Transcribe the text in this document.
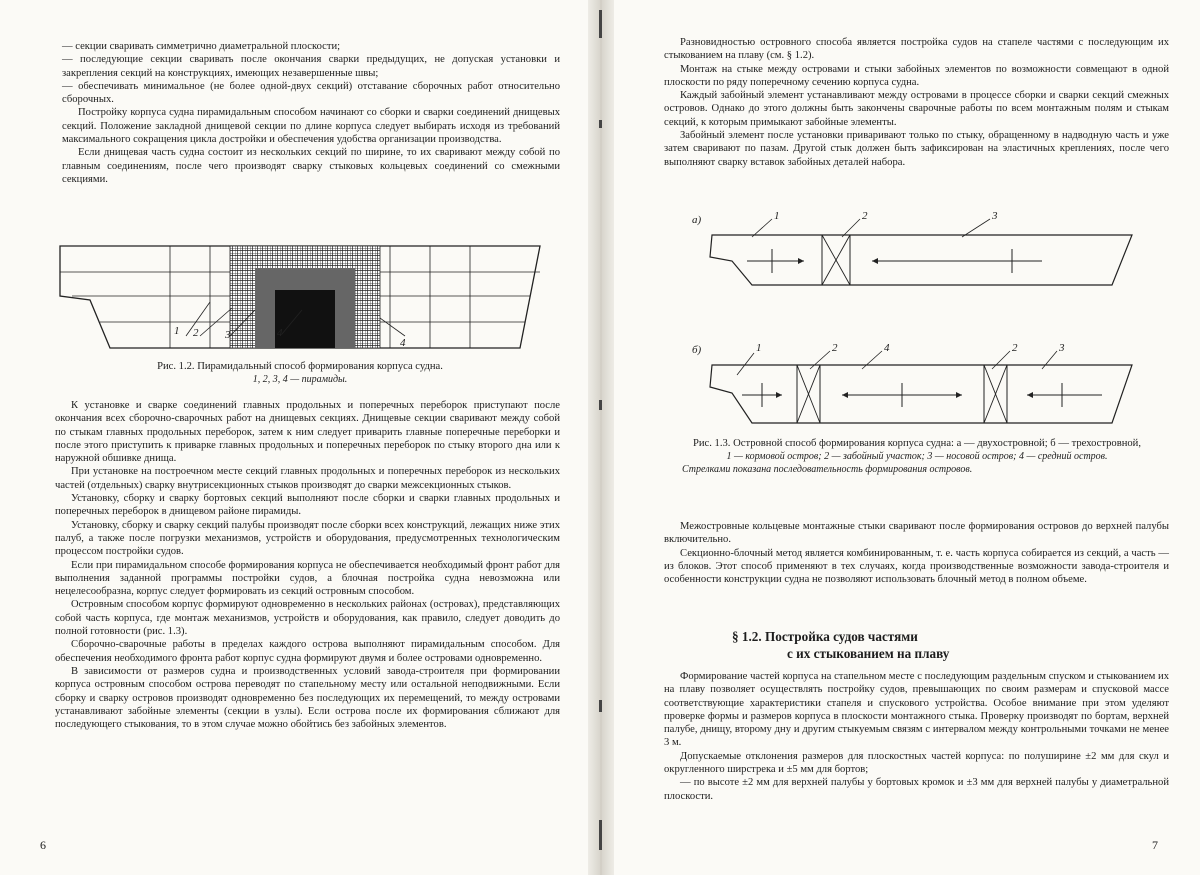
— секции сваривать симметрично диаметральной плоскости;

— последующие секции сваривать после окончания сварки предыдущих, не допуская установки и закрепления секций на конструкциях, имеющих незавершенные швы;

— обеспечивать минимальное (не более одной-двух секций) отставание сборочных работ относительно сборочных.

Постройку корпуса судна пирамидальным способом начинают со сборки и сварки соединений днищевых секций. Положение закладной днищевой секции по длине корпуса следует выбирать исходя из требований максимального сокращения цикла достройки и обеспечения удобства организации производства.

Если днищевая часть судна состоит из нескольких секций по ширине, то их сваривают между собой по главным соединениям, после чего производят сварку стыковых кольцевых соединений со смежными секциями.

1 2 3	4
4
Рис. 1.2. Пирамидальный способ формирования корпуса судна.
1, 2, 3, 4 — пирамиды.

К установке и сварке соединений главных продольных и поперечных переборок приступают после окончания всех сборочно-сварочных работ на днищевых секциях. Днищевые секции сваривают между собой по стыкам главных продольных переборок, затем к ним следует приварить главные поперечные переборки и после этого приступить к приварке главных продольных и поперечных переборок по стыку второго дна или к наружной обшивке днища.

При установке на построечном месте секций главных продольных и поперечных переборок из нескольких частей (отдельных) сварку внутрисекционных стыков производят до сварки межсекционных стыков.

Установку, сборку и сварку бортовых секций выполняют после сборки и сварки главных продольных и поперечных переборок в днищевом районе пирамиды.

Установку, сборку и сварку секций палубы производят после сборки всех конструкций, лежащих ниже этих палуб, а также после погрузки механизмов, устройств и оборудования, предусмотренных технологическим процессом постройки судов.

Если при пирамидальном способе формирования корпуса не обеспечивается необходимый фронт работ для выполнения заданной программы постройки судов, а блочная постройка судна невозможна или нецелесообразна, корпус следует формировать из секций островным способом.

Островным способом корпус формируют одновременно в нескольких районах (островах), представляющих собой часть корпуса, где монтаж механизмов, устройств и оборудования, как правило, следует доводить до полной готовности (рис. 1.3).

Сборочно-сварочные работы в пределах каждого острова выполняют пирамидальным способом. Для обеспечения необходимого фронта работ корпус судна формируют двумя и более островами одновременно.

В зависимости от размеров судна и производственных условий завода-строителя при формировании корпуса островным способом острова переводят по стапельному месту или остальной неподвижными. Если сборку и сварку островов производят одновременно без последующих их перемещений, то между островами устанавливают забойные элементы (секции в узлы). Если острова после их формирования сближают для последующего стыкования, то в этом случае можно обойтись без забойных элементов.

6

Разновидностью островного способа является постройка судов на стапеле частями с последующим их стыкованием на плаву (см. § 1.2).

Монтаж на стыке между островами и стыки забойных элементов по возможности совмещают в одной плоскости по ряду поперечному сечению корпуса судна.

Каждый забойный элемент устанавливают между островами в процессе сборки и сварки секций смежных островов. Однако до этого должны быть закончены сварочные работы по всем монтажным полям и стыкам секций, к которым примыкают забойные элементы.

Забойный элемент после установки приваривают только по стыку, обращенному в надводную часть и уже затем сваривают по пазам. Другой стык должен быть зафиксирован на эластичных креплениях, после чего выполняют сварку вставок забойных деталей набора.

а)	1	2	3
б)	1	2	4	2	3
Рис. 1.3. Островной способ формирования корпуса судна: а — двухостровной; б — трехостровной,
1 — кормовой остров; 2 — забойный участок; 3 — носовой остров; 4 — средний остров.
Стрелками показана последовательность формирования островов.

Межостровные кольцевые монтажные стыки сваривают после формирования островов до верхней палубы включительно.

Секционно-блочный метод является комбинированным, т. е. часть корпуса собирается из секций, а часть — из блоков. Этот способ применяют в тех случаях, когда производственные возможности завода-строителя и особенности конструкции судна не позволяют использовать блочный метод в полном объеме.

§ 1.2. Постройка судов частями
с их стыкованием на плаву

Формирование частей корпуса на стапельном месте с последующим раздельным спуском и стыкованием их на плаву позволяет осуществлять постройку судов, превышающих по своим размерам и спусковой массе соответствующие характеристики стапеля и спускового устройства. Особое внимание при этом уделяют проверке формы и размеров корпуса в плоскости монтажного стыка. Проверку производят по бортам, верхней палубе, днищу, второму дну и другим стыкуемым связям с интервалом между контрольными точками не менее 3 м.

Допускаемые отклонения размеров для плоскостных частей корпуса: по полуширине ±2 мм для скул и округленного ширстрека и ±5 мм для бортов;

— по высоте ±2 мм для верхней палубы у бортовых кромок и ±3 мм для верхней палубы у диаметральной плоскости.

7
